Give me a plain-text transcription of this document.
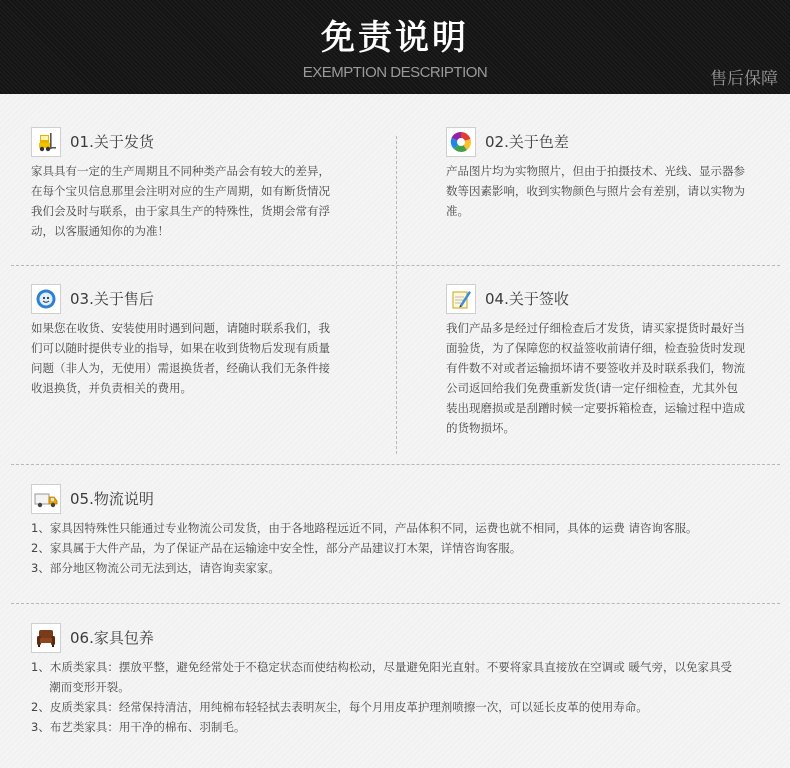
免责说明
EXEMPTION DESCRIPTION	售后保障
01.关于发货

家具具有一定的生产周期且不同种类产品会有较大的差异，
在每个宝贝信息那里会注明对应的生产周期，如有断货情况
我们会及时与联系，由于家具生产的特殊性，货期会常有浮
动，以客服通知你的为准！

02.关于色差

产品图片均为实物照片，但由于拍摄技术、光线、显示器参
数等因素影响，收到实物颜色与照片会有差别，请以实物为
准。

03.关于售后

如果您在收货、安装使用时遇到问题，请随时联系我们，我
们可以随时提供专业的指导，如果在收到货物后发现有质量
问题（非人为，无使用）需退换货者，经确认我们无条件接
收退换货，并负责相关的费用。

04.关于签收

我们产品多是经过仔细检查后才发货，请买家提货时最好当
面验货，为了保障您的权益签收前请仔细，检查验货时发现
有件数不对或者运输损坏请不要签收并及时联系我们，物流
公司返回给我们免费重新发货(请一定仔细检查，尤其外包
装出现磨损或是刮蹭时候一定要拆箱检查，运输过程中造成
的货物损坏。

05.物流说明
1、家具因特殊性只能通过专业物流公司发货，由于各地路程远近不同，产品体积不同，运费也就不相同，具体的运费 请咨询客服。
2、家具属于大件产品，为了保证产品在运输途中安全性，部分产品建议打木架，详情咨询客服。
3、部分地区物流公司无法到达，请咨询卖家家。
06.家具包养
1、木质类家具：摆放平整，避免经常处于不稳定状态而使结构松动，尽量避免阳光直射。不要将家具直接放在空调或 暖气旁，以免家具受
潮而变形开裂。
2、皮质类家具：经常保持清洁，用纯棉布轻轻拭去表明灰尘，每个月用皮革护理剂喷擦一次，可以延长皮革的使用寿命。
3、布艺类家具：用干净的棉布、羽制毛。
